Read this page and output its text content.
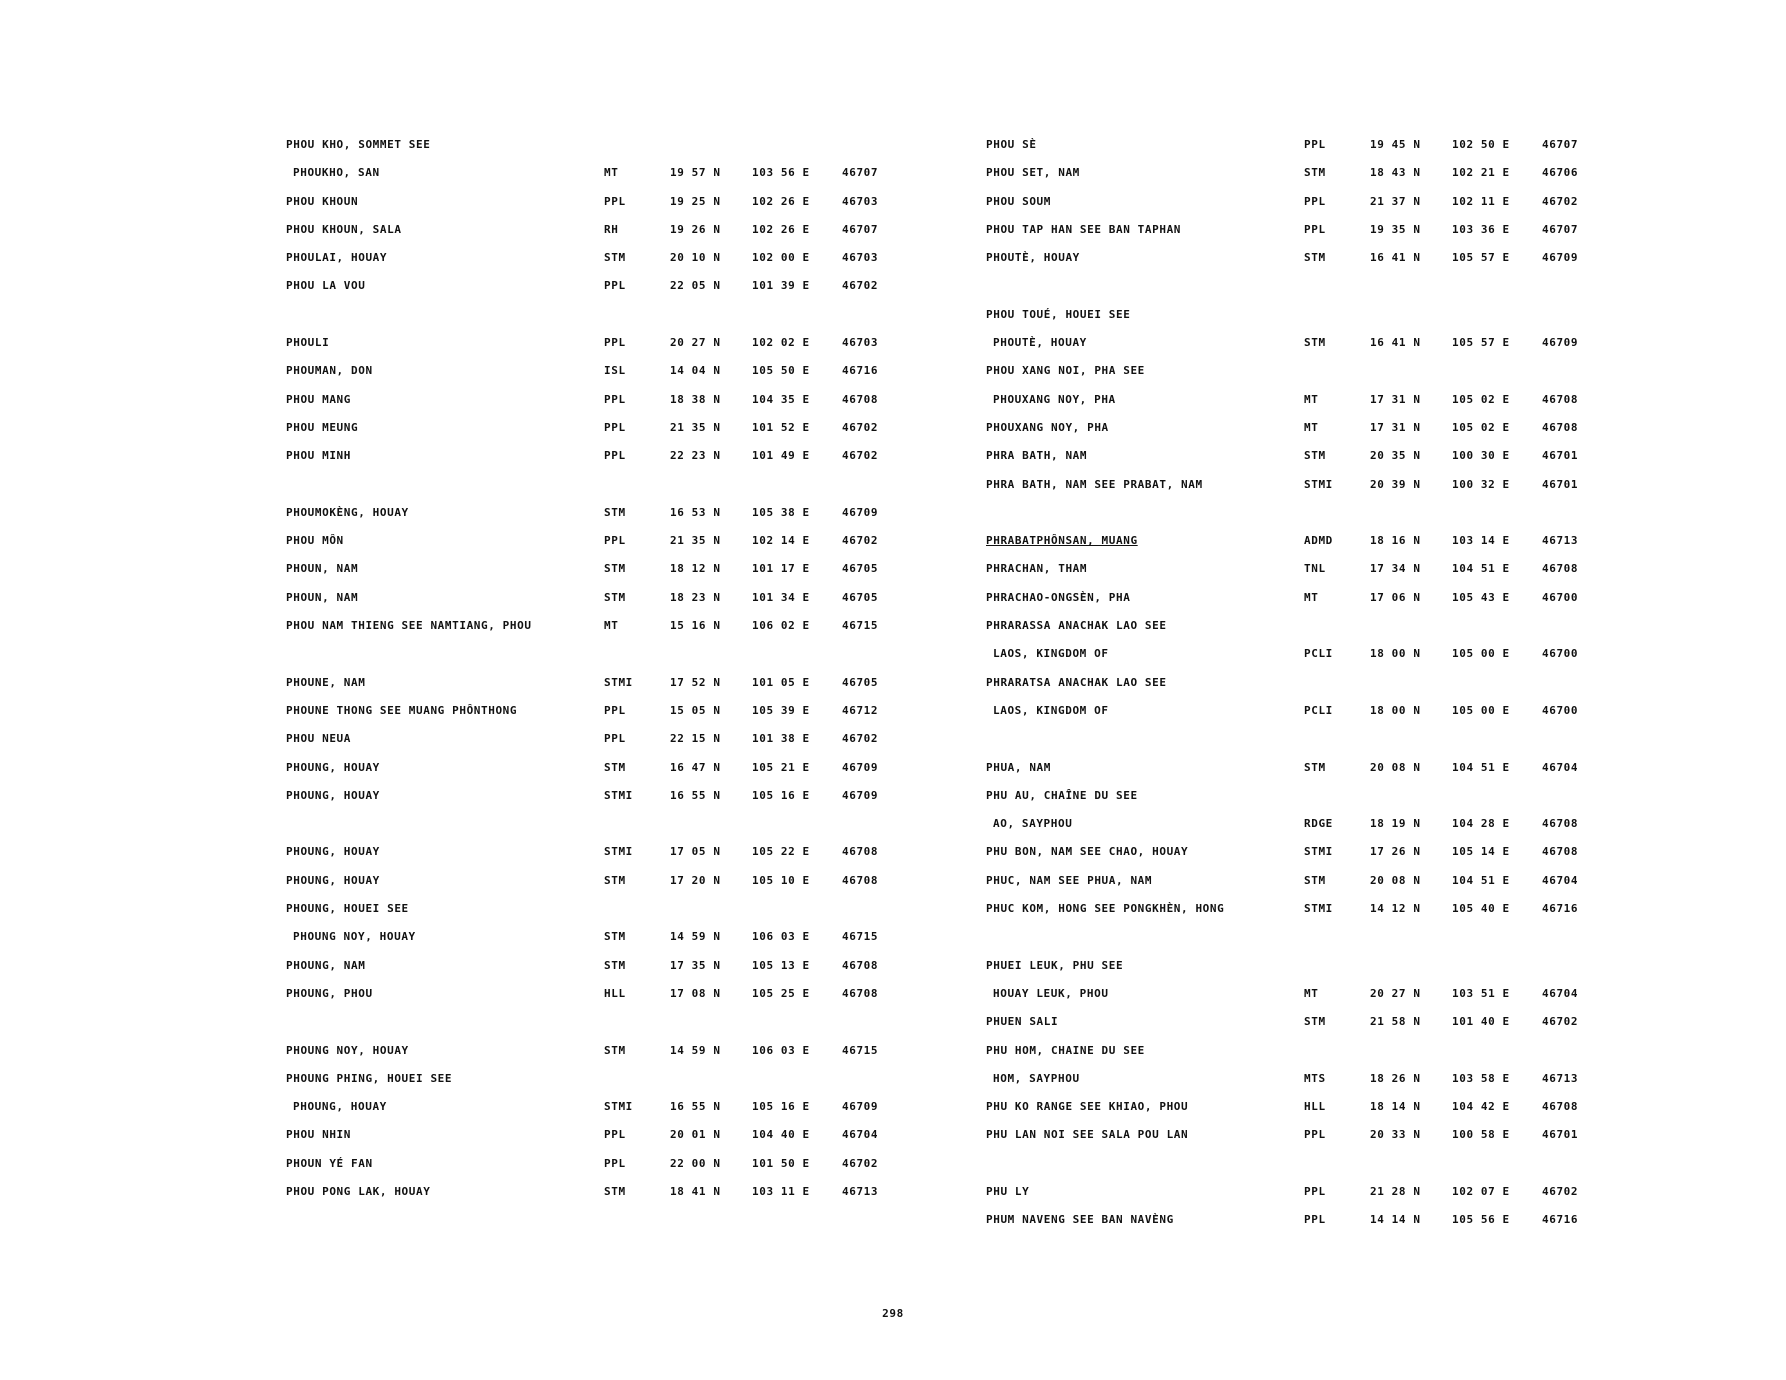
PHOU KHO, SOMMET SEE
PHOUKHO, SAN	MT	19 57 N	103 56 E	46707
PHOU KHOUN	PPL	19 25 N	102 26 E	46703
PHOU KHOUN, SALA	RH	19 26 N	102 26 E	46707
PHOULAI, HOUAY	STM	20 10 N	102 00 E	46703
PHOU LA VOU	PPL	22 05 N	101 39 E	46702
PHOULI	PPL	20 27 N	102 02 E	46703
PHOUMAN, DON	ISL	14 04 N	105 50 E	46716
PHOU MANG	PPL	18 38 N	104 35 E	46708
PHOU MEUNG	PPL	21 35 N	101 52 E	46702
PHOU MINH	PPL	22 23 N	101 49 E	46702
PHOUMOKÈNG, HOUAY	STM	16 53 N	105 38 E	46709
PHOU MÔN	PPL	21 35 N	102 14 E	46702
PHOUN, NAM	STM	18 12 N	101 17 E	46705
PHOUN, NAM	STM	18 23 N	101 34 E	46705
PHOU NAM THIENG SEE NAMTIANG, PHOU	MT	15 16 N	106 02 E	46715
PHOUNE, NAM	STMI	17 52 N	101 05 E	46705
PHOUNE THONG SEE MUANG PHÔNTHONG	PPL	15 05 N	105 39 E	46712
PHOU NEUA	PPL	22 15 N	101 38 E	46702
PHOUNG, HOUAY	STM	16 47 N	105 21 E	46709
PHOUNG, HOUAY	STMI	16 55 N	105 16 E	46709
PHOUNG, HOUAY	STMI	17 05 N	105 22 E	46708
PHOUNG, HOUAY	STM	17 20 N	105 10 E	46708
PHOUNG, HOUEI SEE
PHOUNG NOY, HOUAY	STM	14 59 N	106 03 E	46715
PHOUNG, NAM	STM	17 35 N	105 13 E	46708
PHOUNG, PHOU	HLL	17 08 N	105 25 E	46708
PHOUNG NOY, HOUAY	STM	14 59 N	106 03 E	46715
PHOUNG PHING, HOUEI SEE
PHOUNG, HOUAY	STMI	16 55 N	105 16 E	46709
PHOU NHIN	PPL	20 01 N	104 40 E	46704
PHOUN YÉ FAN	PPL	22 00 N	101 50 E	46702
PHOU PONG LAK, HOUAY	STM	18 41 N	103 11 E	46713
PHOU SÈ	PPL	19 45 N	102 50 E	46707
PHOU SET, NAM	STM	18 43 N	102 21 E	46706
PHOU SOUM	PPL	21 37 N	102 11 E	46702
PHOU TAP HAN SEE BAN TAPHAN	PPL	19 35 N	103 36 E	46707
PHOUTÈ, HOUAY	STM	16 41 N	105 57 E	46709
PHOU TOUÉ, HOUEI SEE
PHOUTÈ, HOUAY	STM	16 41 N	105 57 E	46709
PHOU XANG NOI, PHA SEE
PHOUXANG NOY, PHA	MT	17 31 N	105 02 E	46708
PHOUXANG NOY, PHA	MT	17 31 N	105 02 E	46708
PHRA BATH, NAM	STM	20 35 N	100 30 E	46701
PHRA BATH, NAM SEE PRABAT, NAM	STMI	20 39 N	100 32 E	46701
PHRABATPHÔNSAN, MUANG	ADMD	18 16 N	103 14 E	46713
PHRACHAN, THAM	TNL	17 34 N	104 51 E	46708
PHRACHAO-ONGSÈN, PHA	MT	17 06 N	105 43 E	46700
PHRARASSA ANACHAK LAO SEE
LAOS, KINGDOM OF	PCLI	18 00 N	105 00 E	46700
PHRARATSA ANACHAK LAO SEE
LAOS, KINGDOM OF	PCLI	18 00 N	105 00 E	46700
PHUA, NAM	STM	20 08 N	104 51 E	46704
PHU AU, CHAÎNE DU SEE
AO, SAYPHOU	RDGE	18 19 N	104 28 E	46708
PHU BON, NAM SEE CHAO, HOUAY	STMI	17 26 N	105 14 E	46708
PHUC, NAM SEE PHUA, NAM	STM	20 08 N	104 51 E	46704
PHUC KOM, HONG SEE PONGKHÈN, HONG	STMI	14 12 N	105 40 E	46716
PHUEI LEUK, PHU SEE
HOUAY LEUK, PHOU	MT	20 27 N	103 51 E	46704
PHUEN SALI	STM	21 58 N	101 40 E	46702
PHU HOM, CHAINE DU SEE
HOM, SAYPHOU	MTS	18 26 N	103 58 E	46713
PHU KO RANGE SEE KHIAO, PHOU	HLL	18 14 N	104 42 E	46708
PHU LAN NOI SEE SALA POU LAN	PPL	20 33 N	100 58 E	46701
PHU LY	PPL	21 28 N	102 07 E	46702
PHUM NAVENG SEE BAN NAVÈNG	PPL	14 14 N	105 56 E	46716
298
